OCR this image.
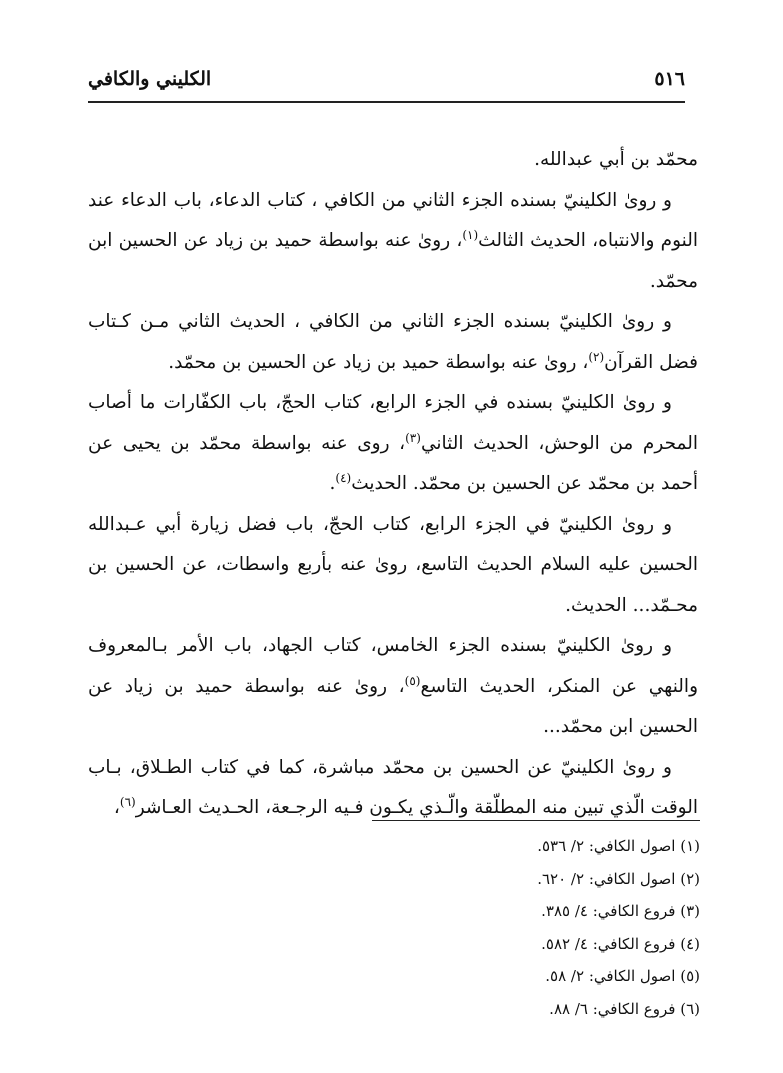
٥١٦
الكليني والكافي

محمّد بن أبي عبدالله.

و رویٰ الكلينيّ بسنده الجزء الثاني من الكافي ، كتاب الدعاء، باب الدعاء عند النوم والانتباه، الحديث الثالث$^{(١)}$، رویٰ عنه بواسطة حميد بن زياد عن الحسين ابن محمّد.

و رویٰ الكلينيّ بسنده الجزء الثاني من الكافي ، الحديث الثاني مـن كـتاب فضل القرآن$^{(٢)}$، رویٰ عنه بواسطة حميد بن زياد عن الحسين بن محمّد.

و رویٰ الكلينيّ بسنده في الجزء الرابع، كتاب الحجّ، باب الكفّارات ما أصاب المحرم من الوحش، الحديث الثاني$^{(٣)}$، روى عنه بواسطة محمّد بن يحيى عن أحمد بن محمّد عن الحسين بن محمّد. الحديث$^{(٤)}$.

و رویٰ الكلينيّ في الجزء الرابع، كتاب الحجّ، باب فضل زيارة أبي عـبدالله الحسين عليه السلام الحديث التاسع، رویٰ عنه بأربع واسطات، عن الحسين بن محـمّد... الحديث.

و رویٰ الكلينيّ بسنده الجزء الخامس، كتاب الجهاد، باب الأمر بـالمعروف والنهي عن المنكر، الحديث التاسع$^{(٥)}$، رویٰ عنه بواسطة حميد بن زياد عن الحسين ابن محمّد...

و رویٰ الكلينيّ عن الحسين بن محمّد مباشرة، كما في كتاب الطـلاق، بـاب الوقت الّذي تبين منه المطلّقة والّـذي يكـون فـيه الرجـعة، الحـديث العـاشر$^{(٦)}$،

(١) اصول الكافي: ٢/ ٥٣٦.
(٢) اصول الكافي: ٢/ ٦٢٠.
(٣) فروع الكافي: ٤/ ٣٨٥.
(٤) فروع الكافي: ٤/ ٥٨٢.
(٥) اصول الكافي: ٢/ ٥٨.
(٦) فروع الكافي: ٦/ ٨٨.
